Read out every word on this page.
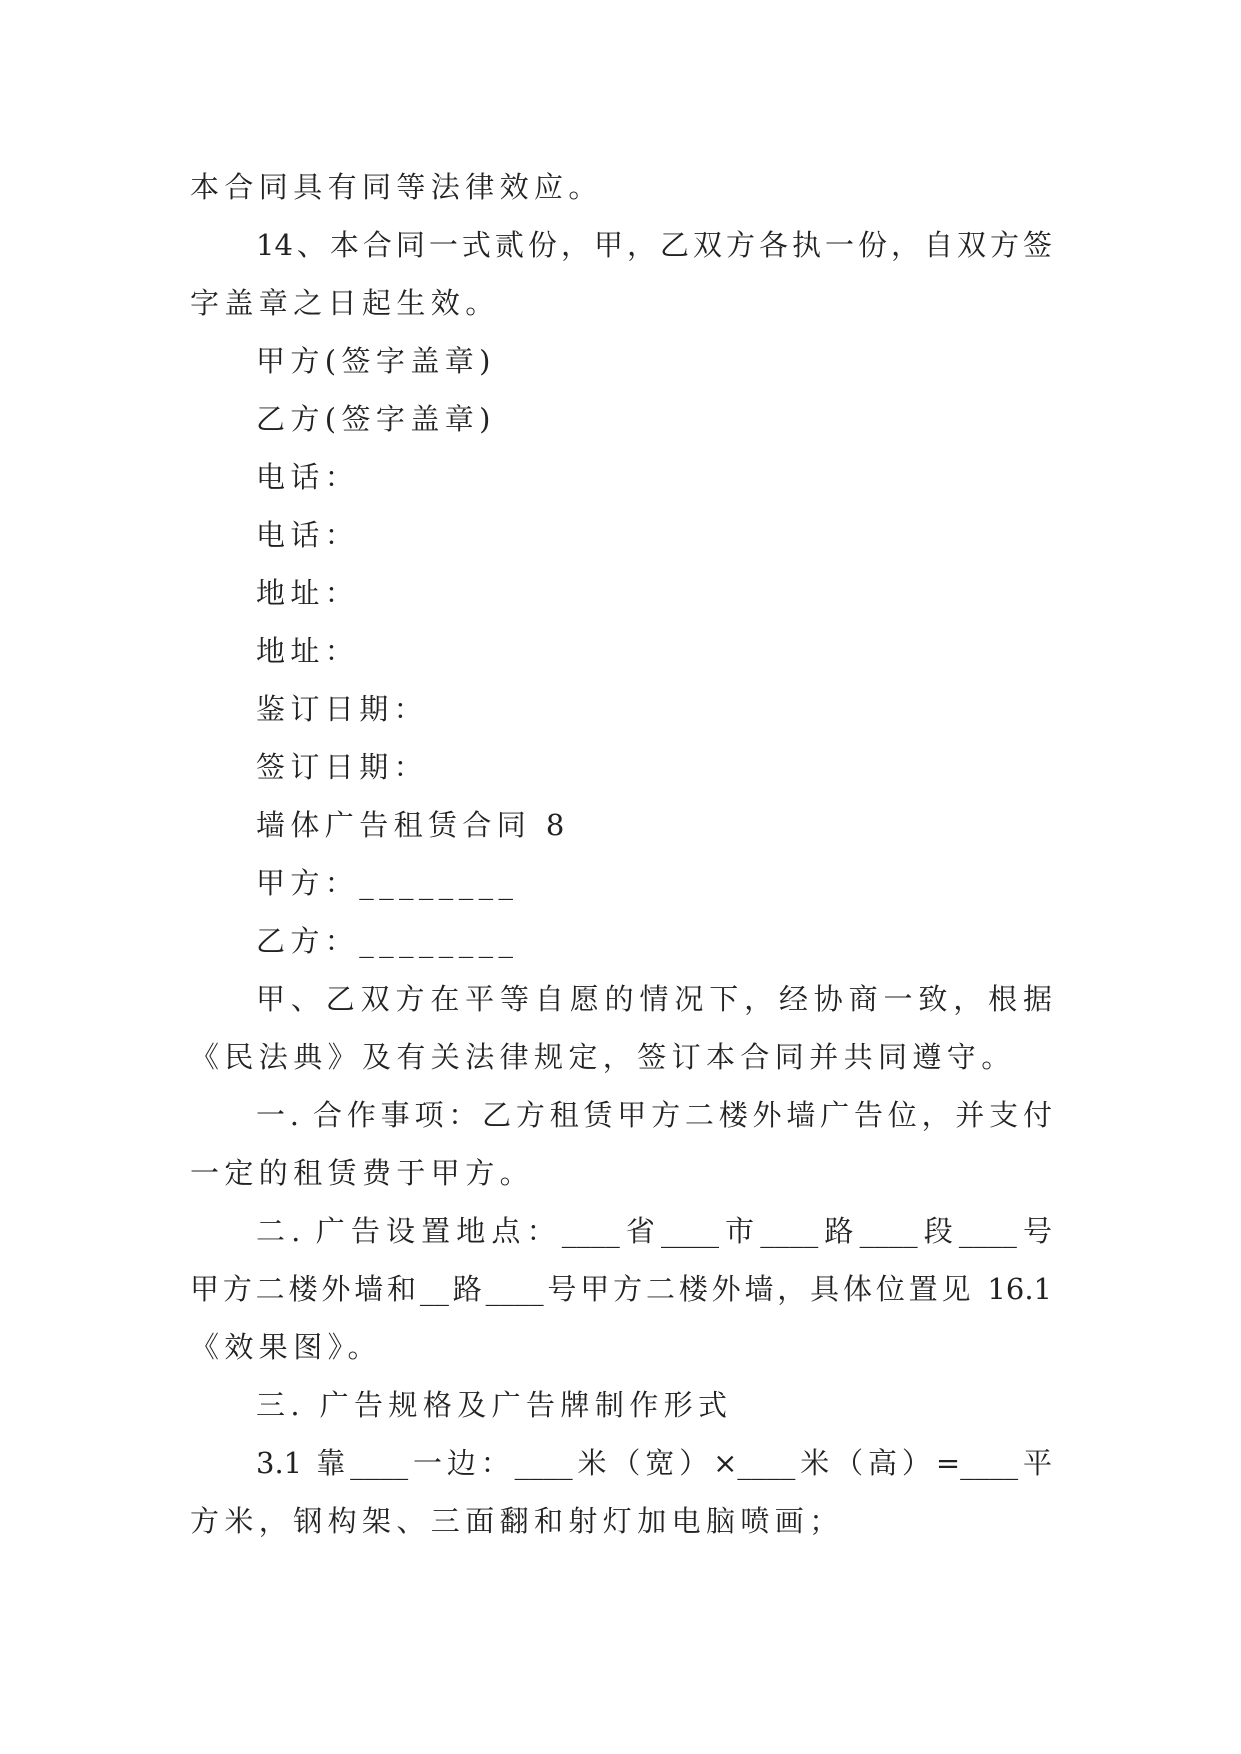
本合同具有同等法律效应。
14、本合同一式贰份，甲，乙双方各执一份，自双方签
字盖章之日起生效。
甲方(签字盖章)
乙方(签字盖章)
电话：
电话：
地址：
地址：
鉴订日期：
签订日期：
墙体广告租赁合同 8
甲方：________
乙方：________
甲、乙双方在平等自愿的情况下，经协商一致，根据
《民法典》及有关法律规定，签订本合同并共同遵守。
一. 合作事项：乙方租赁甲方二楼外墙广告位，并支付
一定的租赁费于甲方。
二. 广告设置地点：____省____市____路____段____号
甲方二楼外墙和__路____号甲方二楼外墙，具体位置见 16.1
《效果图》。
三. 广告规格及广告牌制作形式
3.1 靠____一边：____米（宽）×____米（高）=____平
方米，钢构架、三面翻和射灯加电脑喷画；
